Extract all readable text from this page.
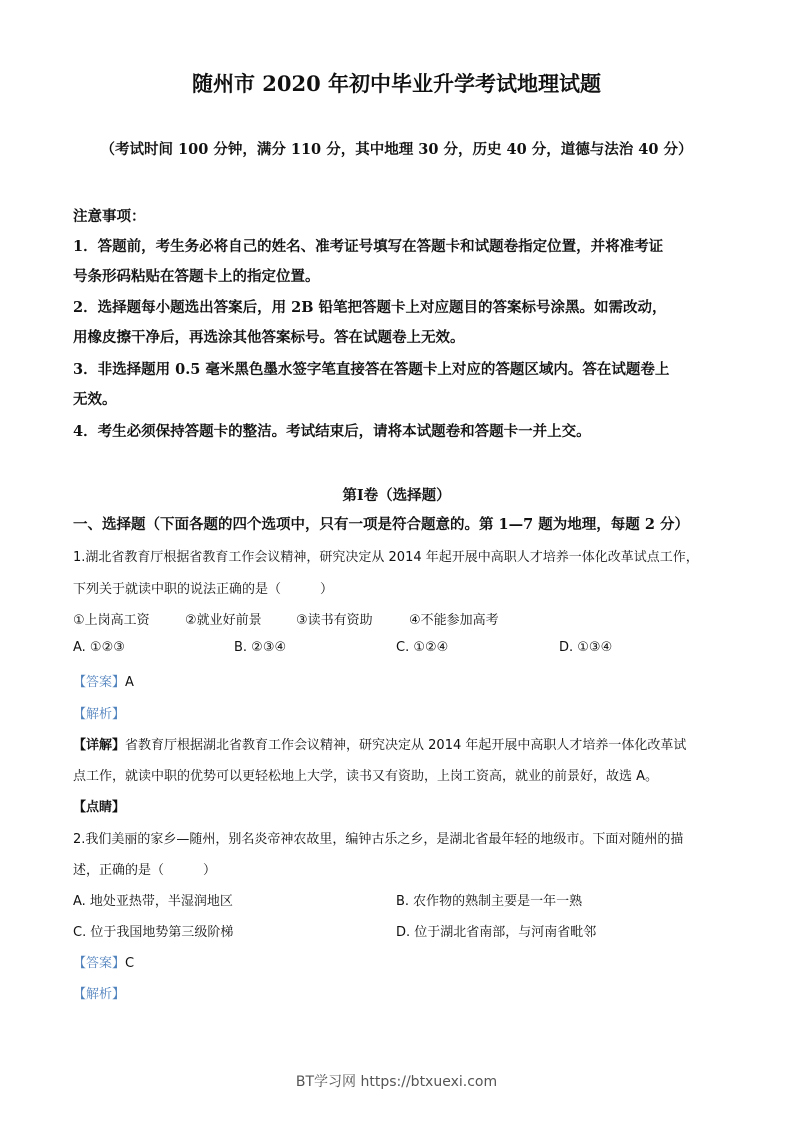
随州市 2020 年初中毕业升学考试地理试题
（考试时间 100 分钟，满分 110 分，其中地理 30 分，历史 40 分，道德与法治 40 分）
注意事项：
1．答题前，考生务必将自己的姓名、准考证号填写在答题卡和试题卷指定位置，并将准考证
号条形码粘贴在答题卡上的指定位置。
2．选择题每小题选出答案后，用 2B 铅笔把答题卡上对应题目的答案标号涂黑。如需改动，
用橡皮擦干净后，再选涂其他答案标号。答在试题卷上无效。
3．非选择题用 0.5 毫米黑色墨水签字笔直接答在答题卡上对应的答题区域内。答在试题卷上
无效。
4．考生必须保持答题卡的整洁。考试结束后，请将本试题卷和答题卡一并上交。
第Ⅰ卷（选择题）
一、选择题（下面各题的四个选项中，只有一项是符合题意的。第 1—7 题为地理，每题 2 分）
1.湖北省教育厅根据省教育工作会议精神，研究决定从 2014 年起开展中高职人才培养一体化改革试点工作，
下列关于就读中职的说法正确的是（　　　）
①上岗高工资	②就业好前景	③读书有资助	④不能参加高考
A. ①②③	B. ②③④	C. ①②④	D. ①③④
【答案】A
【解析】
【详解】省教育厅根据湖北省教育工作会议精神，研究决定从 2014 年起开展中高职人才培养一体化改革试
点工作，就读中职的优势可以更轻松地上大学，读书又有资助，上岗工资高，就业的前景好，故选 A。
【点睛】
2.我们美丽的家乡—随州，别名炎帝神农故里，编钟古乐之乡，是湖北省最年轻的地级市。下面对随州的描
述，正确的是（　　　）
A. 地处亚热带，半湿润地区	B. 农作物的熟制主要是一年一熟
C. 位于我国地势第三级阶梯	D. 位于湖北省南部，与河南省毗邻
【答案】C
【解析】
BT学习网 https://btxuexi.com
